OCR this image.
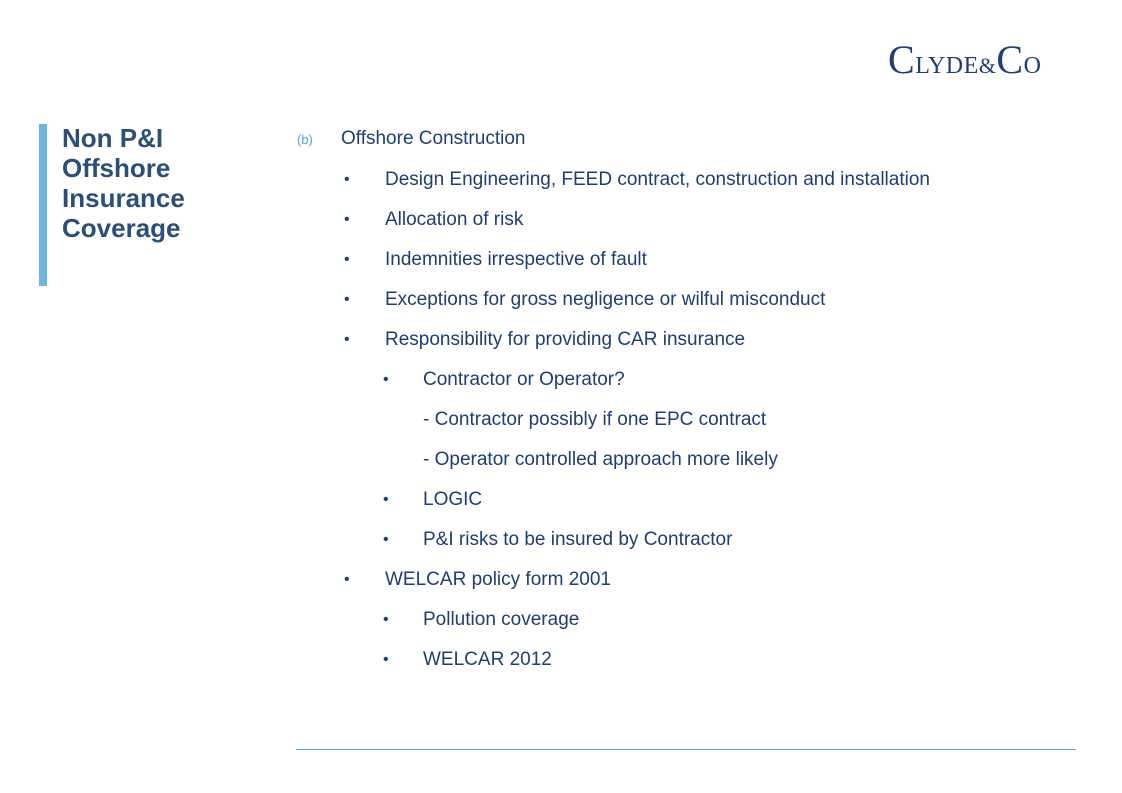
CLYDE&CO
Non P&I Offshore Insurance Coverage
(b) Offshore Construction
• Design Engineering, FEED contract, construction and installation
• Allocation of risk
• Indemnities irrespective of fault
• Exceptions for gross negligence or wilful misconduct
• Responsibility for providing CAR insurance
• Contractor or Operator?
- Contractor possibly if one EPC contract
- Operator controlled approach more likely
• LOGIC
• P&I risks to be insured by Contractor
• WELCAR policy form 2001
• Pollution coverage
• WELCAR 2012
